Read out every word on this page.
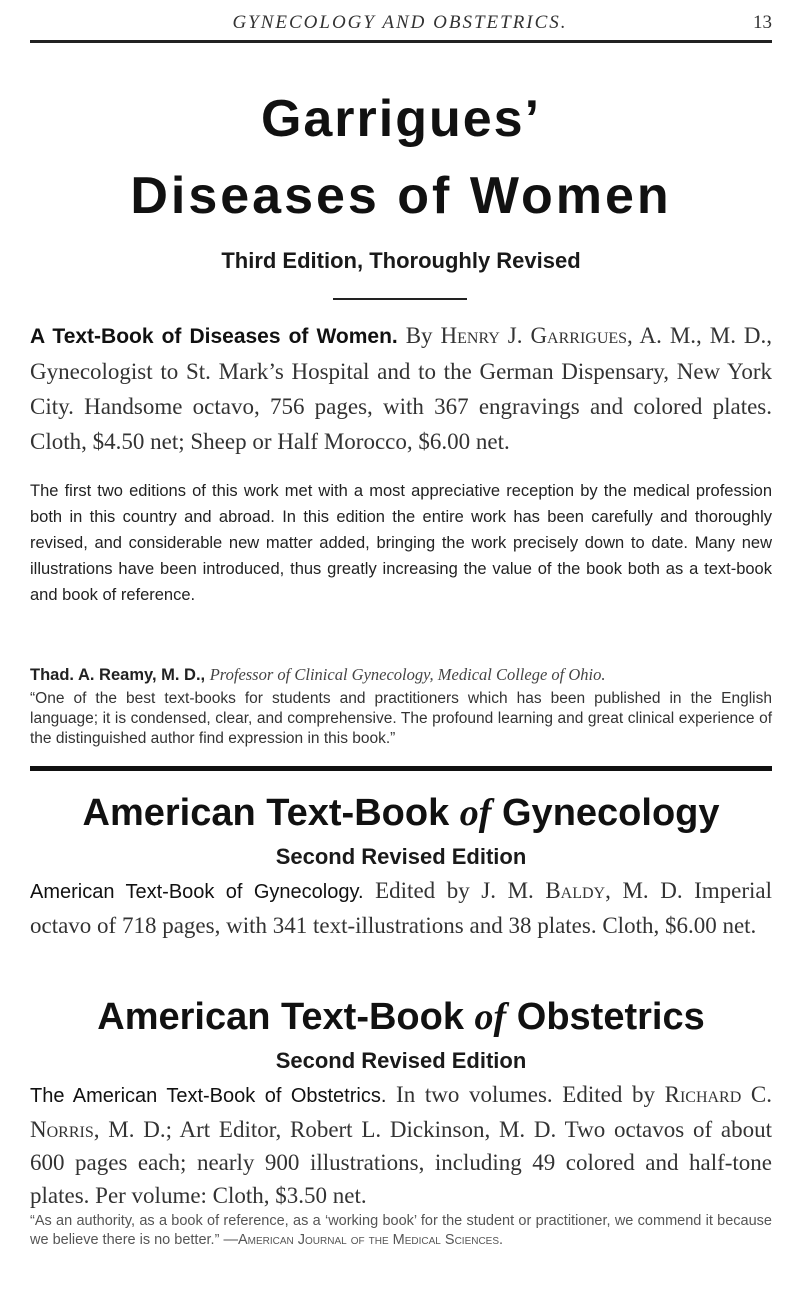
GYNECOLOGY AND OBSTETRICS.	13
Garrigues’
Diseases of Women
Third Edition, Thoroughly Revised
A Text-Book of Diseases of Women. By Henry J. Garrigues, A. M., M. D., Gynecologist to St. Mark’s Hospital and to the German Dispensary, New York City. Handsome octavo, 756 pages, with 367 engravings and colored plates. Cloth, $4.50 net; Sheep or Half Morocco, $6.00 net.
The first two editions of this work met with a most appreciative reception by the medical profession both in this country and abroad. In this edition the entire work has been carefully and thoroughly revised, and considerable new matter added, bringing the work precisely down to date. Many new illustrations have been introduced, thus greatly increasing the value of the book both as a text-book and book of reference.
Thad. A. Reamy, M. D., Professor of Clinical Gynecology, Medical College of Ohio.
“One of the best text-books for students and practitioners which has been published in the English language; it is condensed, clear, and comprehensive. The profound learning and great clinical experience of the distinguished author find expression in this book.”
American Text-Book of Gynecology
Second Revised Edition
American Text-Book of Gynecology. Edited by J. M. Baldy, M. D. Imperial octavo of 718 pages, with 341 text-illustrations and 38 plates. Cloth, $6.00 net.
American Text-Book of Obstetrics
Second Revised Edition
The American Text-Book of Obstetrics. In two volumes. Edited by Richard C. Norris, M. D.; Art Editor, Robert L. Dickinson, M. D. Two octavos of about 600 pages each; nearly 900 illustrations, including 49 colored and half-tone plates. Per volume: Cloth, $3.50 net.
“As an authority, as a book of reference, as a ‘working book’ for the student or practitioner, we commend it because we believe there is no better.” —American Journal of the Medical Sciences.
